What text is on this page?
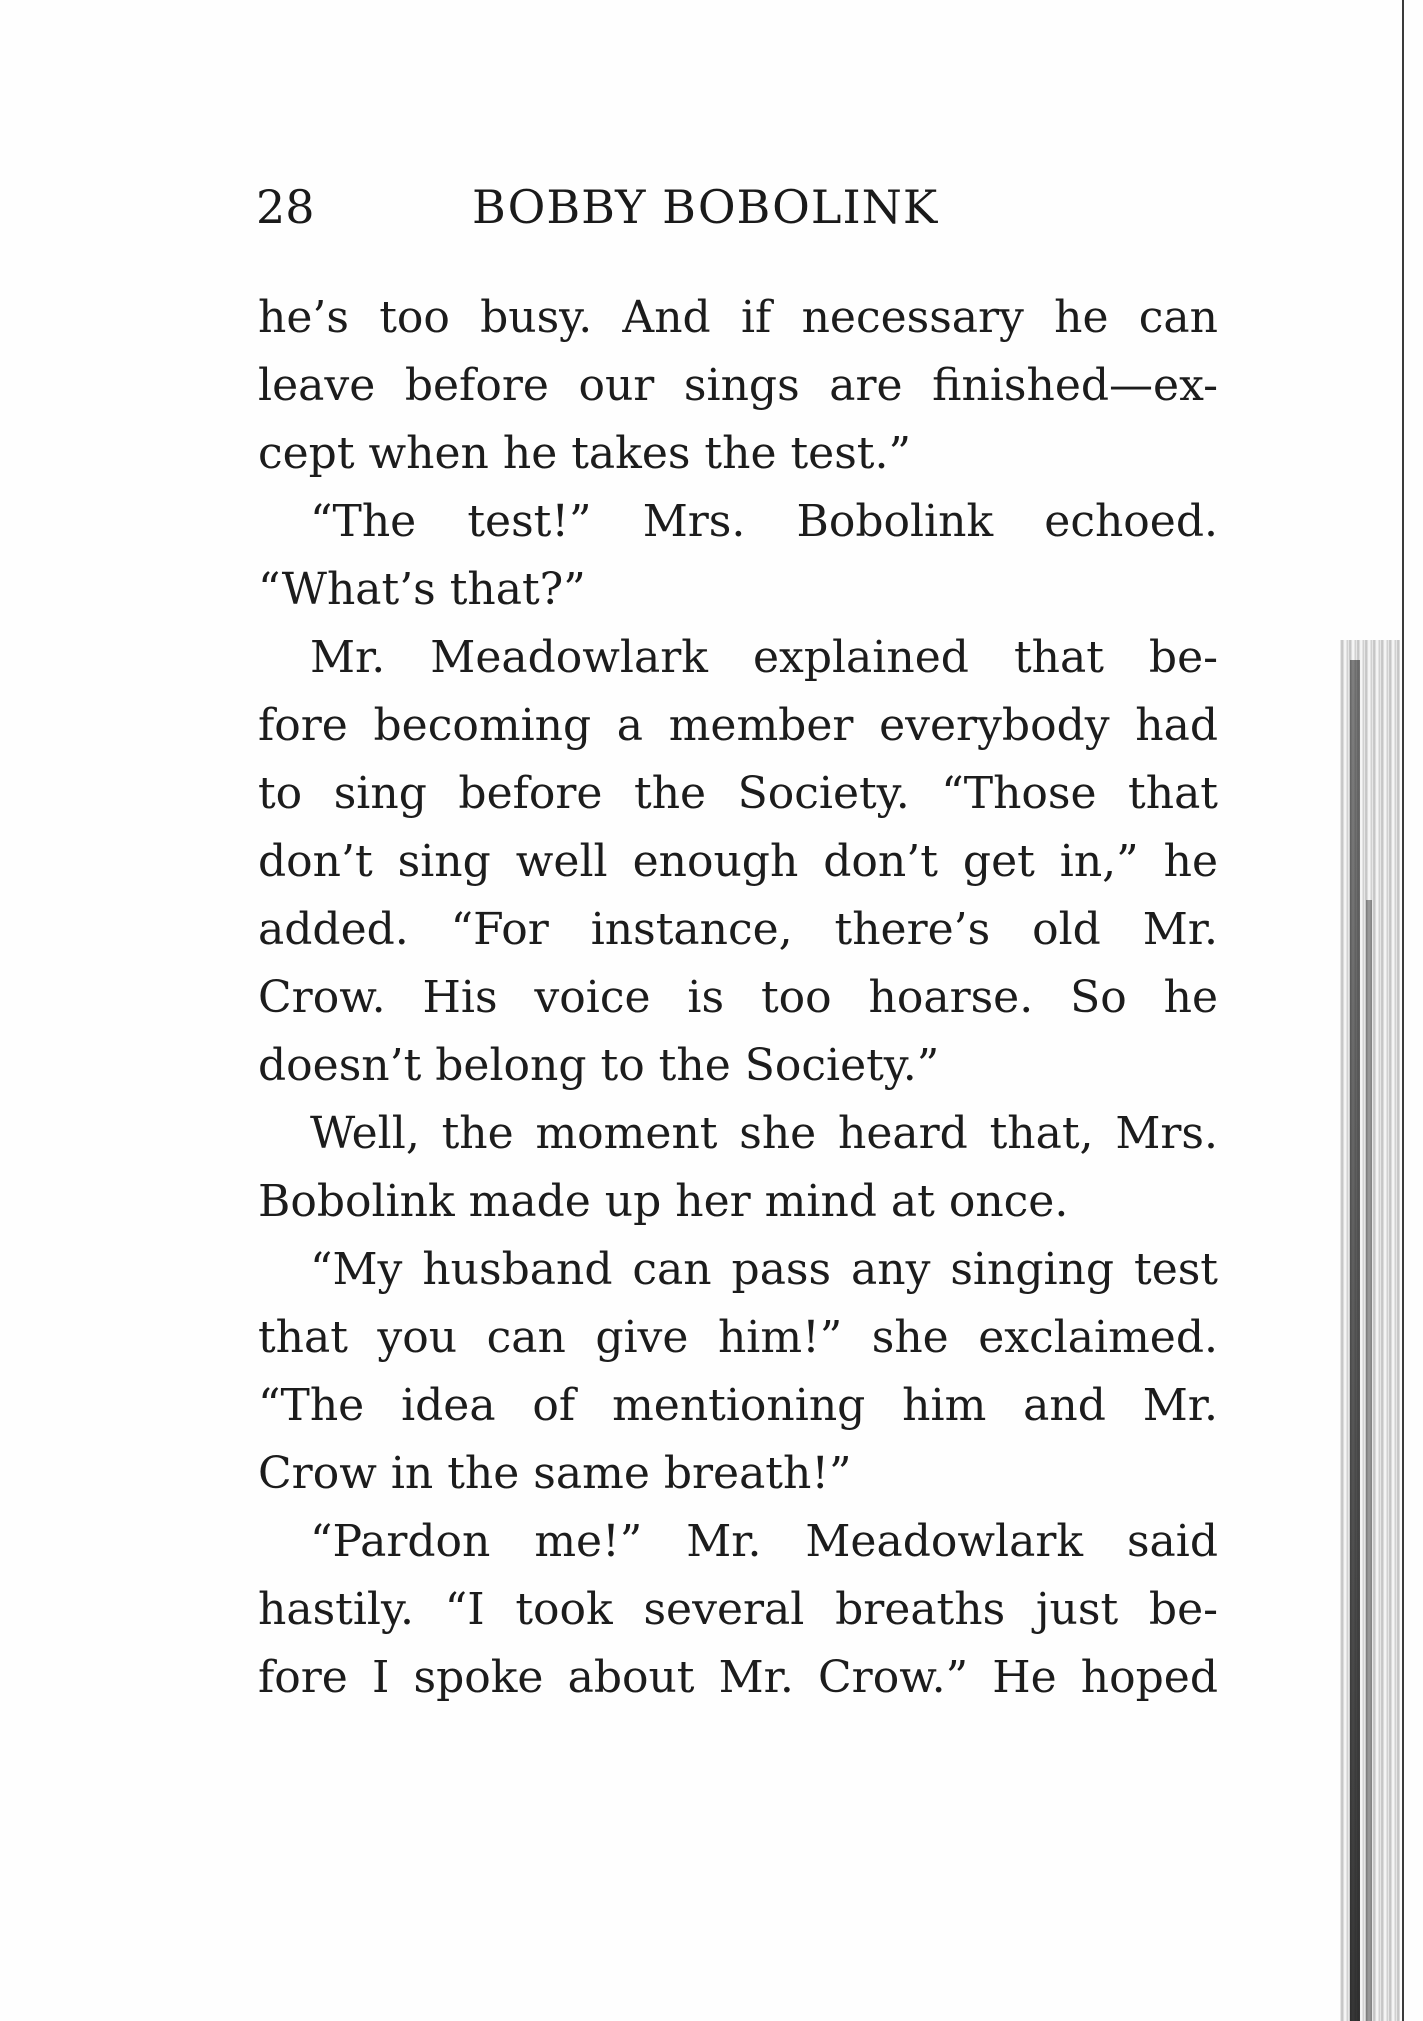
28	BOBBY BOBOLINK
he’s too busy. And if necessary he can
leave before our sings are finished—ex-
cept when he takes the test.”
“The test!” Mrs. Bobolink echoed.
“What’s that?”
Mr. Meadowlark explained that be-
fore becoming a member everybody had
to sing before the Society. “Those that
don’t sing well enough don’t get in,” he
added. “For instance, there’s old Mr.
Crow. His voice is too hoarse. So he
doesn’t belong to the Society.”
Well, the moment she heard that, Mrs.
Bobolink made up her mind at once.
“My husband can pass any singing test
that you can give him!” she exclaimed.
“The idea of mentioning him and Mr.
Crow in the same breath!”
“Pardon me!” Mr. Meadowlark said
hastily. “I took several breaths just be-
fore I spoke about Mr. Crow.” He hoped
